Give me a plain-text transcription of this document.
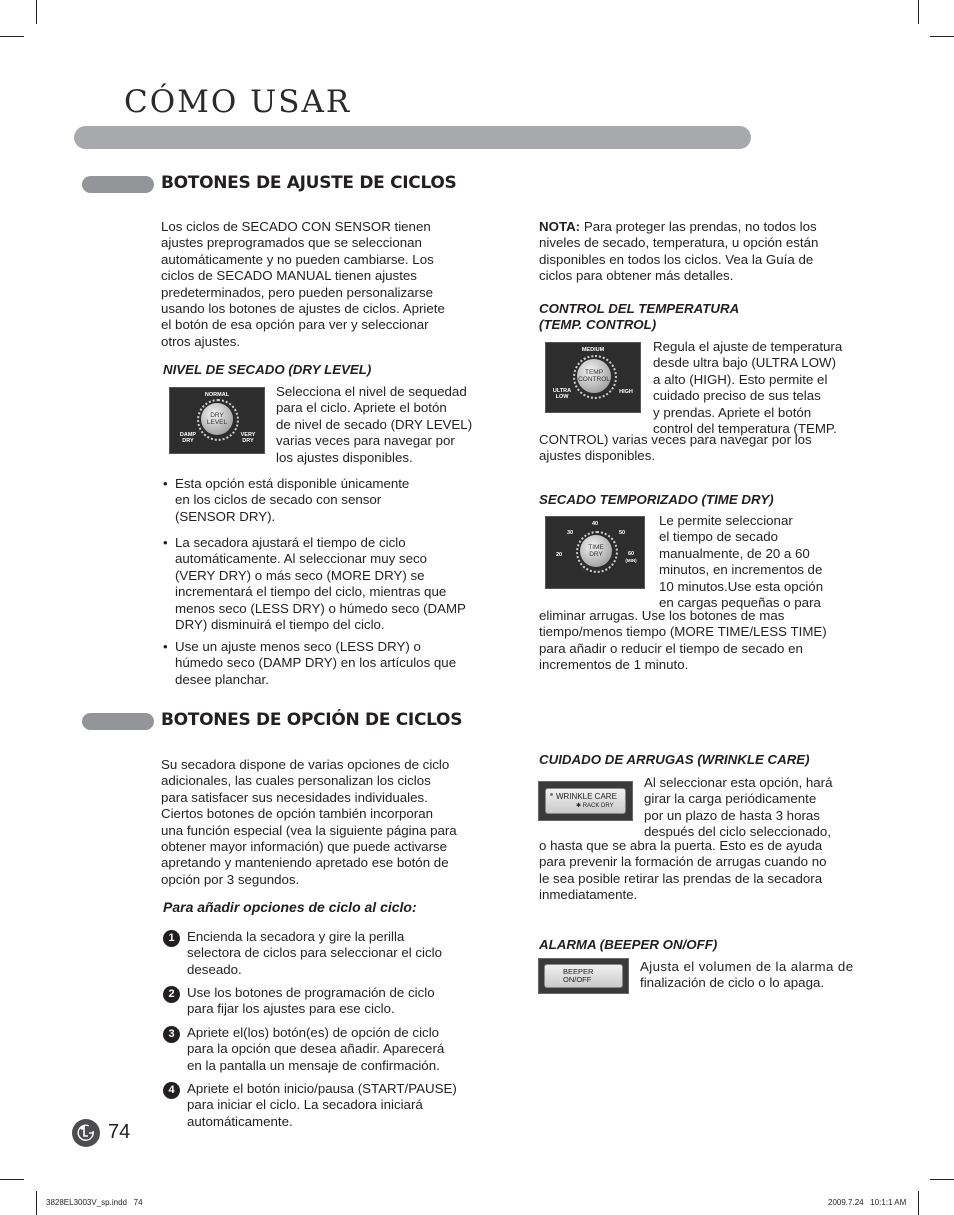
CÓMO USAR
BOTONES DE AJUSTE DE CICLOS
Los ciclos de SECADO CON SENSOR tienen
ajustes preprogramados que se seleccionan
automáticamente y no pueden cambiarse. Los
ciclos de SECADO MANUAL tienen ajustes
predeterminados, pero pueden personalizarse
usando los botones de ajustes de ciclos. Apriete
el botón de esa opción para ver y seleccionar
otros ajustes.
NIVEL DE SECADO (DRY LEVEL)
DRY
LEVEL
NORMAL
DAMP
DRY
VERY
DRY
Selecciona el nivel de sequedad
para el ciclo. Apriete el botón
de nivel de secado (DRY LEVEL)
varias veces para navegar por
los ajustes disponibles.
• Esta opción está disponible únicamente
en los ciclos de secado con sensor
(SENSOR DRY).
• La secadora ajustará el tiempo de ciclo
automáticamente. Al seleccionar muy seco
(VERY DRY) o más seco (MORE DRY) se
incrementará el tiempo del ciclo, mientras que
menos seco (LESS DRY) o húmedo seco (DAMP
DRY) disminuirá el tiempo del ciclo.
• Use un ajuste menos seco (LESS DRY) o
húmedo seco (DAMP DRY) en los artículos que
desee planchar.
NOTA: Para proteger las prendas, no todos los
niveles de secado, temperatura, u opción están
disponibles en todos los ciclos. Vea la Guía de
ciclos para obtener más detalles.
CONTROL DEL TEMPERATURA
(TEMP. CONTROL)
TEMP
CONTROL
MEDIUM
ULTRA
LOW
HIGH
Regula el ajuste de temperatura
desde ultra bajo (ULTRA LOW)
a alto (HIGH). Esto permite el
cuidado preciso de sus telas
y prendas. Apriete el botón
control del temperatura (TEMP.
CONTROL) varias veces para navegar por los
ajustes disponibles.
SECADO TEMPORIZADO (TIME DRY)
TIME
DRY
40
30	50
20	60
(MIN)
Le permite seleccionar
el tiempo de secado
manualmente, de 20 a 60
minutos, en incrementos de
10 minutos.Use esta opción
en cargas pequeñas o para
eliminar arrugas. Use los botones de mas
tiempo/menos tiempo (MORE TIME/LESS TIME)
para añadir o reducir el tiempo de secado en
incrementos de 1 minuto.
BOTONES DE OPCIÓN DE CICLOS
Su secadora dispone de varias opciones de ciclo
adicionales, las cuales personalizan los ciclos
para satisfacer sus necesidades individuales.
Ciertos botones de opción también incorporan
una función especial (vea la siguiente página para
obtener mayor información) que puede activarse
apretando y manteniendo apretado ese botón de
opción por 3 segundos.
Para añadir opciones de ciclo al ciclo:
1 Encienda la secadora y gire la perilla
selectora de ciclos para seleccionar el ciclo
deseado.
2 Use los botones de programación de ciclo
para fijar los ajustes para ese ciclo.
3 Apriete el(los) botón(es) de opción de ciclo
para la opción que desea añadir. Aparecerá
en la pantalla un mensaje de confirmación.
4 Apriete el botón inicio/pausa (START/PAUSE)
para iniciar el ciclo. La secadora iniciará
automáticamente.
CUIDADO DE ARRUGAS (WRINKLE CARE)
WRINKLE CARE
✱ RACK DRY
Al seleccionar esta opción, hará
girar la carga periódicamente
por un plazo de hasta 3 horas
después del ciclo seleccionado,
o hasta que se abra la puerta. Esto es de ayuda
para prevenir la formación de arrugas cuando no
le sea posible retirar las prendas de la secadora
inmediatamente.
ALARMA (BEEPER ON/OFF)
BEEPER
ON/OFF
Ajusta el volumen de la alarma de
finalización de ciclo o lo apaga.
74
3828EL3003V_sp.indd   74	2009.7.24   10:1:1 AM
